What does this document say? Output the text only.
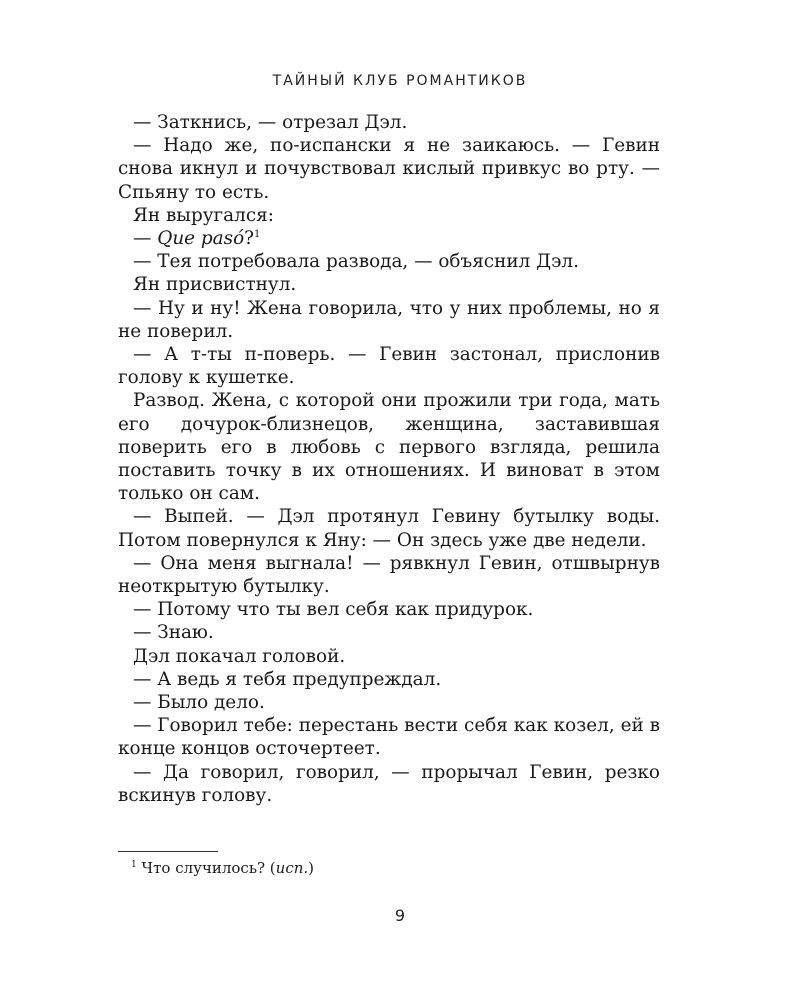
ТАЙНЫЙ КЛУБ РОМАНТИКОВ

— Заткнись, — отрезал Дэл.

— Надо же, по-испански я не заикаюсь. — Гевин снова икнул и почувствовал кислый привкус во рту. — Спьяну то есть.

Ян выругался:

— Que pasó?$^1$

— Тея потребовала развода, — объяснил Дэл.

Ян присвистнул.

— Ну и ну! Жена говорила, что у них проблемы, но я не поверил.

— А т-ты п-поверь. — Гевин застонал, прислонив голову к кушетке.

Развод. Жена, с которой они прожили три года, мать его дочурок-близнецов, женщина, заставившая поверить его в любовь с первого взгляда, решила поставить точку в их отношениях. И виноват в этом только он сам.

— Выпей. — Дэл протянул Гевину бутылку воды. Потом повернулся к Яну: — Он здесь уже две недели.

— Она меня выгнала! — рявкнул Гевин, отшвырнув неоткрытую бутылку.

— Потому что ты вел себя как придурок.

— Знаю.

Дэл покачал головой.

— А ведь я тебя предупреждал.

— Было дело.

— Говорил тебе: перестань вести себя как козел, ей в конце концов осточертеет.

— Да говорил, говорил, — прорычал Гевин, резко вскинув голову.

$^1$ Что случилось? (исп.)
9
